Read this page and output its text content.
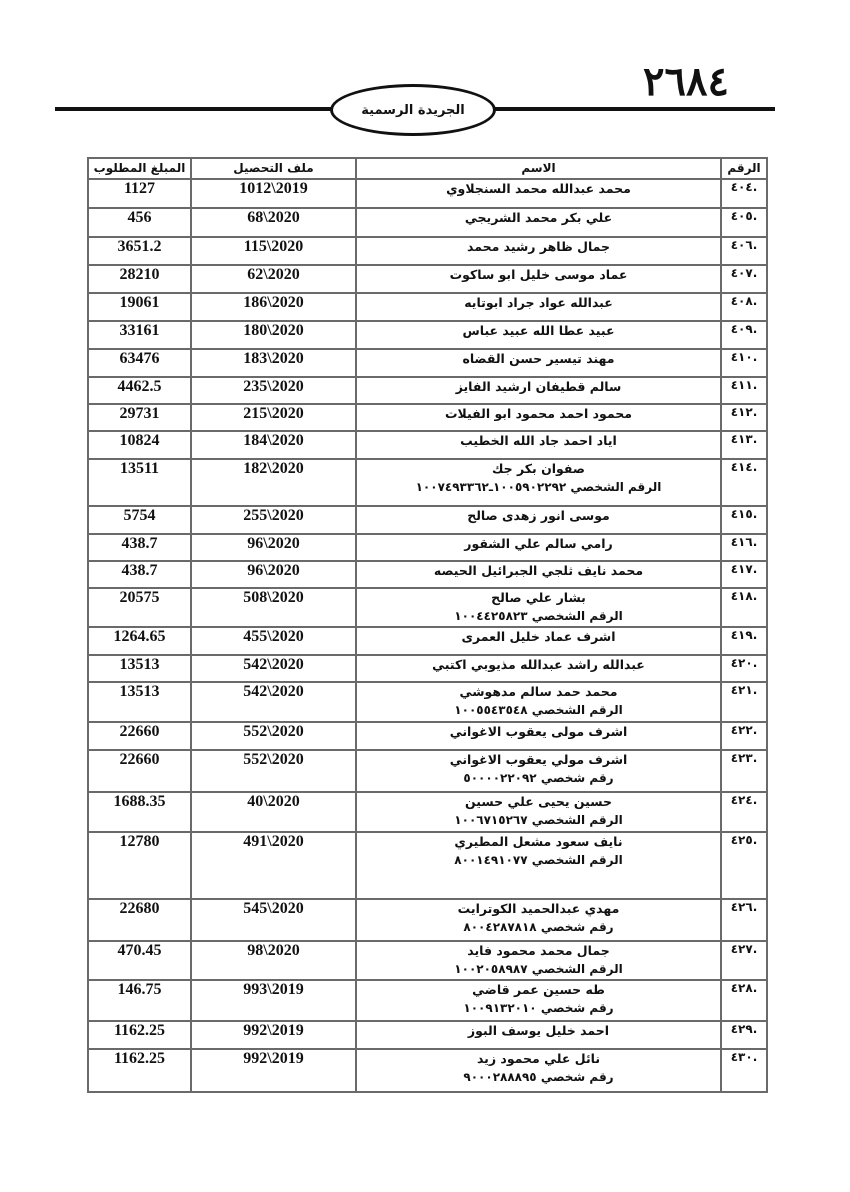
٢٦٨٤
الجريدة الرسمية
الرقم	الاسم	ملف التحصيل	المبلغ المطلوب
.٤٠٤	محمد عبدالله محمد السنجلاوي	1012\2019	1127
.٤٠٥	علي بكر محمد الشريجي	68\2020	456
.٤٠٦	جمال ظاهر رشيد محمد	115\2020	3651.2
.٤٠٧	عماد موسى خليل ابو ساكوت	62\2020	28210
.٤٠٨	عبدالله عواد جراد ابوتايه	186\2020	19061
.٤٠٩	عبيد عطا الله عبيد عباس	180\2020	33161
.٤١٠	مهند تيسير حسن القضاه	183\2020	63476
.٤١١	سالم قطيفان ارشيد الفايز	235\2020	4462.5
.٤١٢	محمود احمد محمود ابو الفيلات	215\2020	29731
.٤١٣	اياد احمد جاد الله الخطيب	184\2020	10824
.٤١٤	صفوان بكر جك
الرقم الشخصي ١٠٠٥٩٠٢٢٩٢ـ١٠٠٧٤٩٣٣٦٢	182\2020	13511
.٤١٥	موسى انور زهدى صالح	255\2020	5754
.٤١٦	رامي سالم علي الشقور	96\2020	438.7
.٤١٧	محمد نايف ثلجي الجبرائيل الحيصه	96\2020	438.7
.٤١٨	بشار علي صالح
الرقم الشخصي ١٠٠٤٤٢٥٨٢٣	508\2020	20575
.٤١٩	اشرف عماد خليل العمرى	455\2020	1264.65
.٤٢٠	عبدالله راشد عبدالله مذيوبي اكتبي	542\2020	13513
.٤٢١	محمد حمد سالم مدهوشي
الرقم الشخصي ١٠٠٥٥٤٣٥٤٨	542\2020	13513
.٤٢٢	اشرف مولى يعقوب الاغواني	552\2020	22660
.٤٢٣	اشرف مولي يعقوب الاغواني
رقم شخصي ٥٠٠٠٠٢٢٠٩٢	552\2020	22660
.٤٢٤	حسين يحيى علي حسين
الرقم الشخصي ١٠٠٦٧١٥٢٦٧	40\2020	1688.35
.٤٢٥	نايف سعود مشعل المطيري
الرقم الشخصي ٨٠٠١٤٩١٠٧٧	491\2020	12780
.٤٢٦	مهدي عبدالحميد الكوترايت
رقم شخصي ٨٠٠٤٢٨٧٨١٨	545\2020	22680
.٤٢٧	جمال محمد محمود فايد
الرقم الشخصي ١٠٠٢٠٥٨٩٨٧	98\2020	470.45
.٤٢٨	طه حسين عمر قاضي
رقم شخصي ١٠٠٩١٣٢٠١٠	993\2019	146.75
.٤٢٩	احمد خليل يوسف البوز	992\2019	1162.25
.٤٣٠	نائل علي محمود زيد
رقم شخصي ٩٠٠٠٢٨٨٨٩٥	992\2019	1162.25
